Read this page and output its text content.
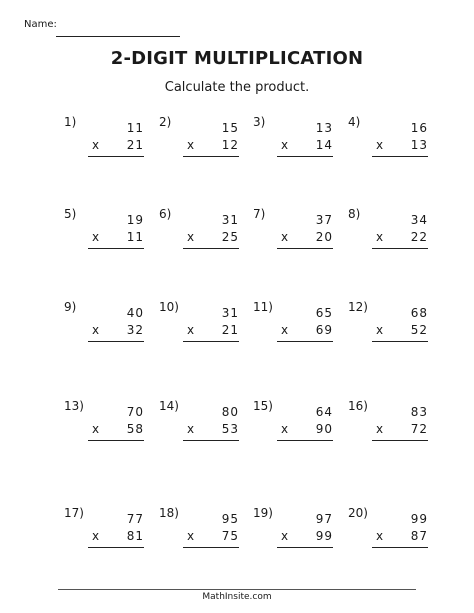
Name:
2-DIGIT MULTIPLICATION
Calculate the product.
1)	11
x	21
2)	15
x	12
3)	13
x	14
4)	16
x	13
5)	19
x	11
6)	31
x	25
7)	37
x	20
8)	34
x	22
9)	40
x	32
10)	31
x	21
11)	65
x	69
12)	68
x	52
13)	70
x	58
14)	80
x	53
15)	64
x	90
16)	83
x	72
17)	77
x	81
18)	95
x	75
19)	97
x	99
20)	99
x	87
MathInsite.com
